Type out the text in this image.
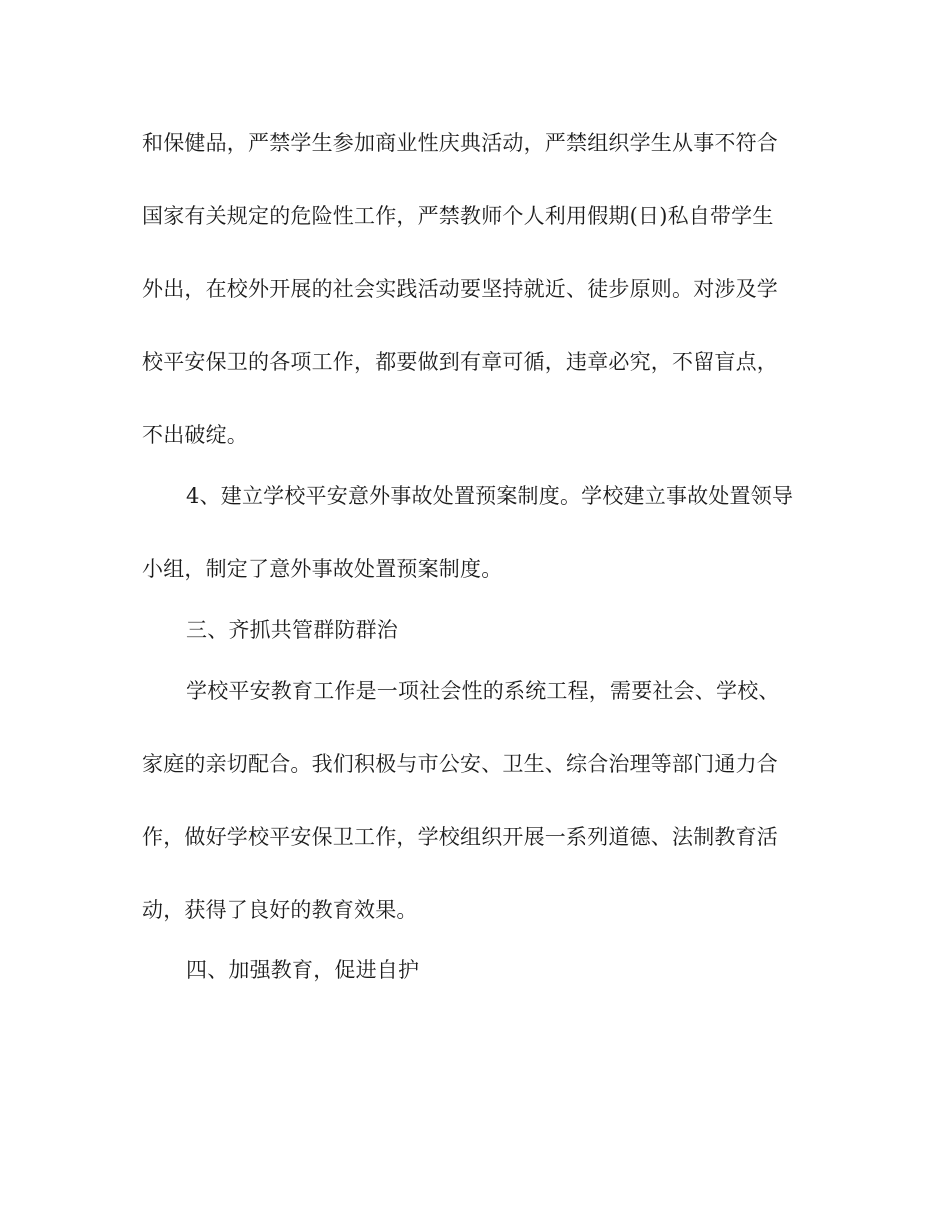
和保健品，严禁学生参加商业性庆典活动，严禁组织学生从事不符合
国家有关规定的危险性工作，严禁教师个人利用假期(日)私自带学生
外出，在校外开展的社会实践活动要坚持就近、徒步原则。对涉及学
校平安保卫的各项工作，都要做到有章可循，违章必究，不留盲点，
不出破绽。
4、建立学校平安意外事故处置预案制度。学校建立事故处置领导
小组，制定了意外事故处置预案制度。
三、齐抓共管群防群治
学校平安教育工作是一项社会性的系统工程，需要社会、学校、
家庭的亲切配合。我们积极与市公安、卫生、综合治理等部门通力合
作，做好学校平安保卫工作，学校组织开展一系列道德、法制教育活
动，获得了良好的教育效果。
四、加强教育，促进自护
